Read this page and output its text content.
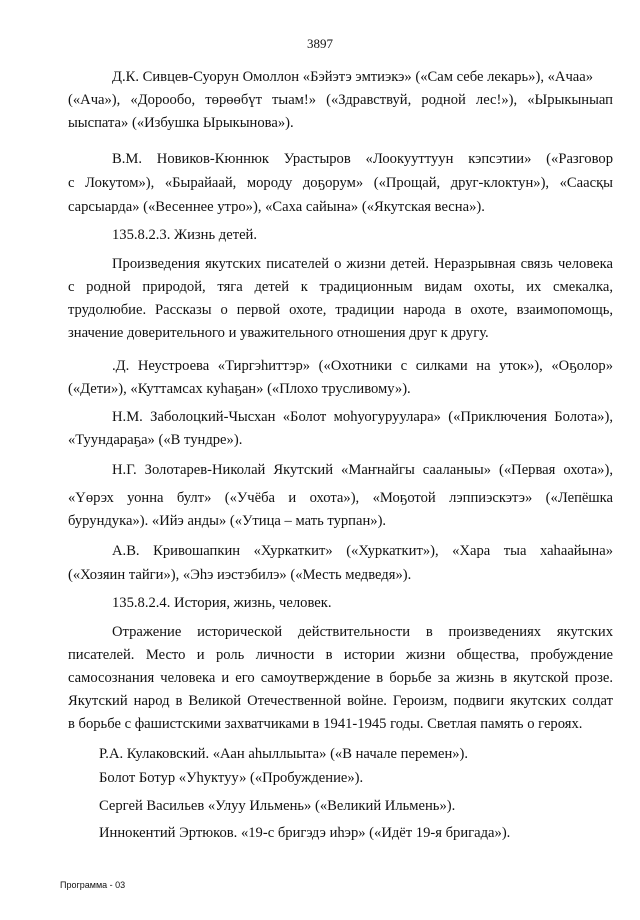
3897
Д.К. Сивцев-Суорун Омоллон «Бэйэтэ эмтиэкэ» («Сам себе лекарь»), «Ачаа»
(«Ача»), «Дорообо, төрөөбүт тыам!» («Здравствуй, родной лес!»), «Ырыкыныап
ыыспата» («Избушка Ырыкынова»).
В.М. Новиков-Кюннюк Урастыров «Лоокууттуун кэпсэтии» («Разговор
с Локутом»), «Бырайаай, мороду доҕорум» («Прощай, друг-клоктун»), «Саасқы
сарсыарда» («Весеннее утро»), «Саха сайына» («Якутская весна»).
135.8.2.3. Жизнь детей.
Произведения якутских писателей о жизни детей. Неразрывная связь человека
с родной природой, тяга детей к традиционным видам охоты, их смекалка,
трудолюбие. Рассказы о первой охоте, традиции народа в охоте, взаимопомощь,
значение доверительного и уважительного отношения друг к другу.
.Д. Неустроева «Тиргэһиттэр» («Охотники с силками на уток»), «Оҕолор»
(«Дети»), «Куттамсах куһаҕан» («Плохо трусливому»).
Н.М. Заболоцкий-Чысхан «Болот моһуогуруулара» («Приключения Болота»),
«Туундараҕа» («В тундре»).
Н.Г. Золотарев-Николай Якутский «Маҥнайгы сааланыы» («Первая охота»),
«Үөрэх уонна булт» («Учёба и охота»), «Моҕотой лэппиэскэтэ» («Лепёшка
бурундука»). «Ийэ анды» («Утица – мать турпан»).
А.В. Кривошапкин «Хуркаткит» («Хуркаткит»), «Хара тыа хаһаайына»
(«Хозяин тайги»), «Эһэ иэстэбилэ» («Месть медведя»).
135.8.2.4. История, жизнь, человек.
Отражение исторической действительности в произведениях якутских
писателей. Место и роль личности в истории жизни общества, пробуждение
самосознания человека и его самоутверждение в борьбе за жизнь в якутской прозе.
Якутский народ в Великой Отечественной войне. Героизм, подвиги якутских солдат
в борьбе с фашистскими захватчиками в 1941-1945 годы. Светлая память о героях.
Р.А. Кулаковский. «Аан аһыллыыта» («В начале перемен»).
Болот Ботур «Уһуктуу» («Пробуждение»).
Сергей Васильев «Улуу Ильмень» («Великий Ильмень»).
Иннокентий Эртюков. «19-с бригэдэ иһэр» («Идёт 19-я бригада»).
Программа - 03
